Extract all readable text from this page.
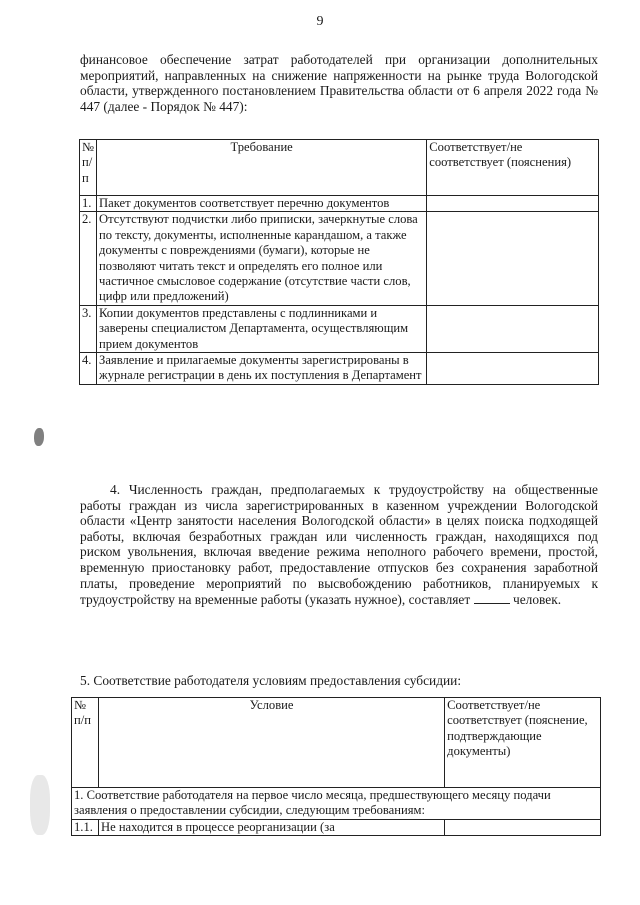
9

финансовое обеспечение затрат работодателей при организации дополнительных мероприятий, направленных на снижение напряженности на рынке труда Вологодской области, утвержденного постановлением Правительства области от 6 апреля 2022 года № 447 (далее - Порядок № 447):

№ п/п	Требование	Соответствует/не соответствует (пояснения)
1.	Пакет документов соответствует перечню документов	
2.	Отсутствуют подчистки либо приписки, зачеркнутые слова по тексту, документы, исполненные карандашом, а также документы с повреждениями (бумаги), которые не позволяют читать текст и определять его полное или частичное смысловое содержание (отсутствие части слов, цифр или предложений)	
3.	Копии документов представлены с подлинниками и заверены специалистом Департамента, осуществляющим прием документов	
4.	Заявление и прилагаемые документы зарегистрированы в журнале регистрации в день их поступления в Департамент	

4. Численность граждан, предполагаемых к трудоустройству на общественные работы граждан из числа зарегистрированных в казенном учреждении Вологодской области «Центр занятости населения Вологодской области» в целях поиска подходящей работы, включая безработных граждан или численность граждан, находящихся под риском увольнения, включая введение режима неполного рабочего времени, простой, временную приостановку работ, предоставление отпусков без сохранения заработной платы, проведение мероприятий по высвобождению работников, планируемых к трудоустройству на временные работы (указать нужное), составляет	человек.

5. Соответствие работодателя условиям предоставления субсидии:

№ п/п	Условие	Соответствует/не соответствует (пояснение, подтверждающие документы)
1. Соответствие работодателя на первое число месяца, предшествующего месяцу подачи заявления о предоставлении субсидии, следующим требованиям:		
1.1.	Не находится в процессе реорганизации (за	
